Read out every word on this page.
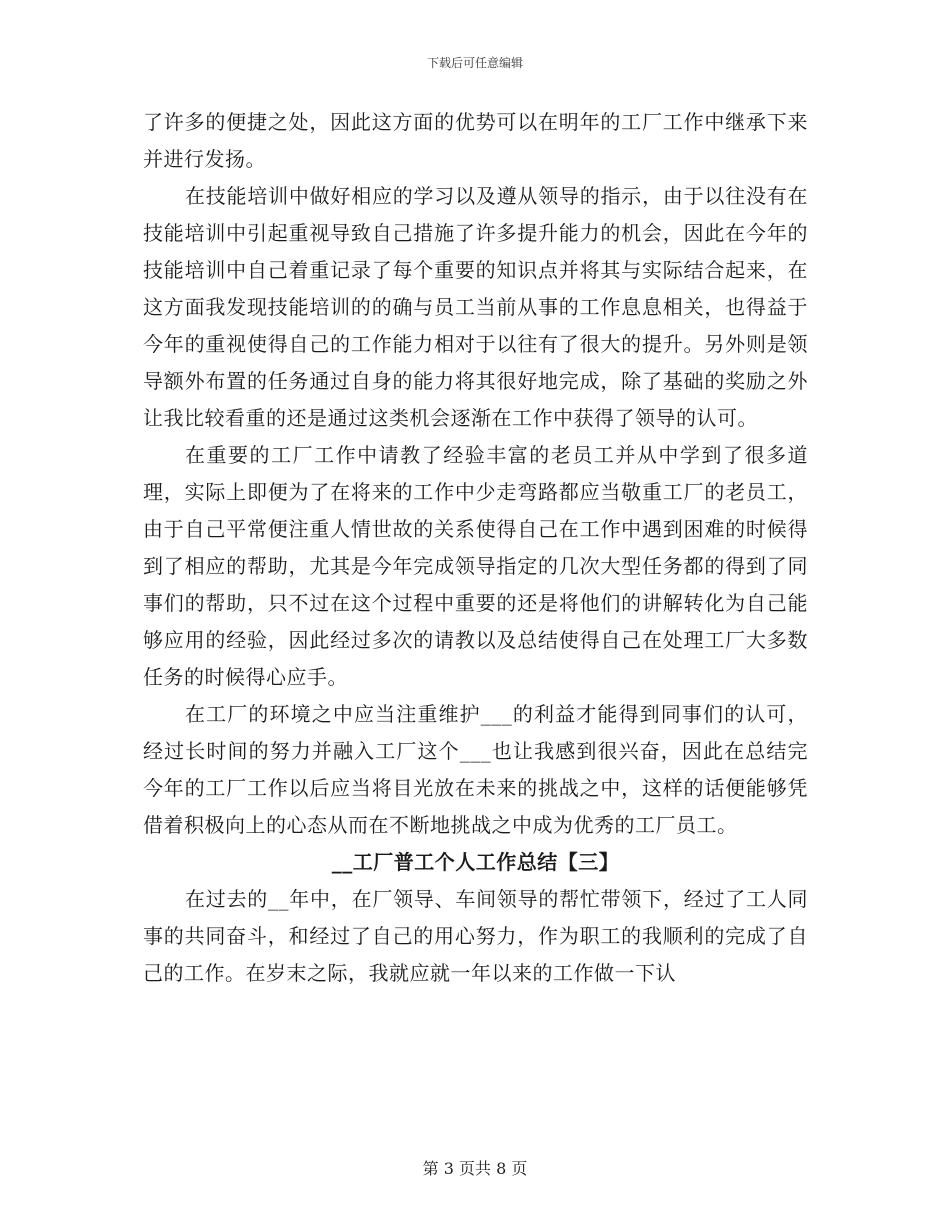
下载后可任意编辑

了许多的便捷之处，因此这方面的优势可以在明年的工厂工作中继承下来并进行发扬。

在技能培训中做好相应的学习以及遵从领导的指示，由于以往没有在技能培训中引起重视导致自己措施了许多提升能力的机会，因此在今年的技能培训中自己着重记录了每个重要的知识点并将其与实际结合起来，在这方面我发现技能培训的的确与员工当前从事的工作息息相关，也得益于今年的重视使得自己的工作能力相对于以往有了很大的提升。另外则是领导额外布置的任务通过自身的能力将其很好地完成，除了基础的奖励之外让我比较看重的还是通过这类机会逐渐在工作中获得了领导的认可。

在重要的工厂工作中请教了经验丰富的老员工并从中学到了很多道理，实际上即便为了在将来的工作中少走弯路都应当敬重工厂的老员工，由于自己平常便注重人情世故的关系使得自己在工作中遇到困难的时候得到了相应的帮助，尤其是今年完成领导指定的几次大型任务都的得到了同事们的帮助，只不过在这个过程中重要的还是将他们的讲解转化为自己能够应用的经验，因此经过多次的请教以及总结使得自己在处理工厂大多数任务的时候得心应手。

在工厂的环境之中应当注重维护___的利益才能得到同事们的认可，经过长时间的努力并融入工厂这个___也让我感到很兴奋，因此在总结完今年的工厂工作以后应当将目光放在未来的挑战之中，这样的话便能够凭借着积极向上的心态从而在不断地挑战之中成为优秀的工厂员工。

__工厂普工个人工作总结【三】

在过去的__年中，在厂领导、车间领导的帮忙带领下，经过了工人同事的共同奋斗，和经过了自己的用心努力，作为职工的我顺利的完成了自己的工作。在岁末之际，我就应就一年以来的工作做一下认

第 3 页共 8 页
